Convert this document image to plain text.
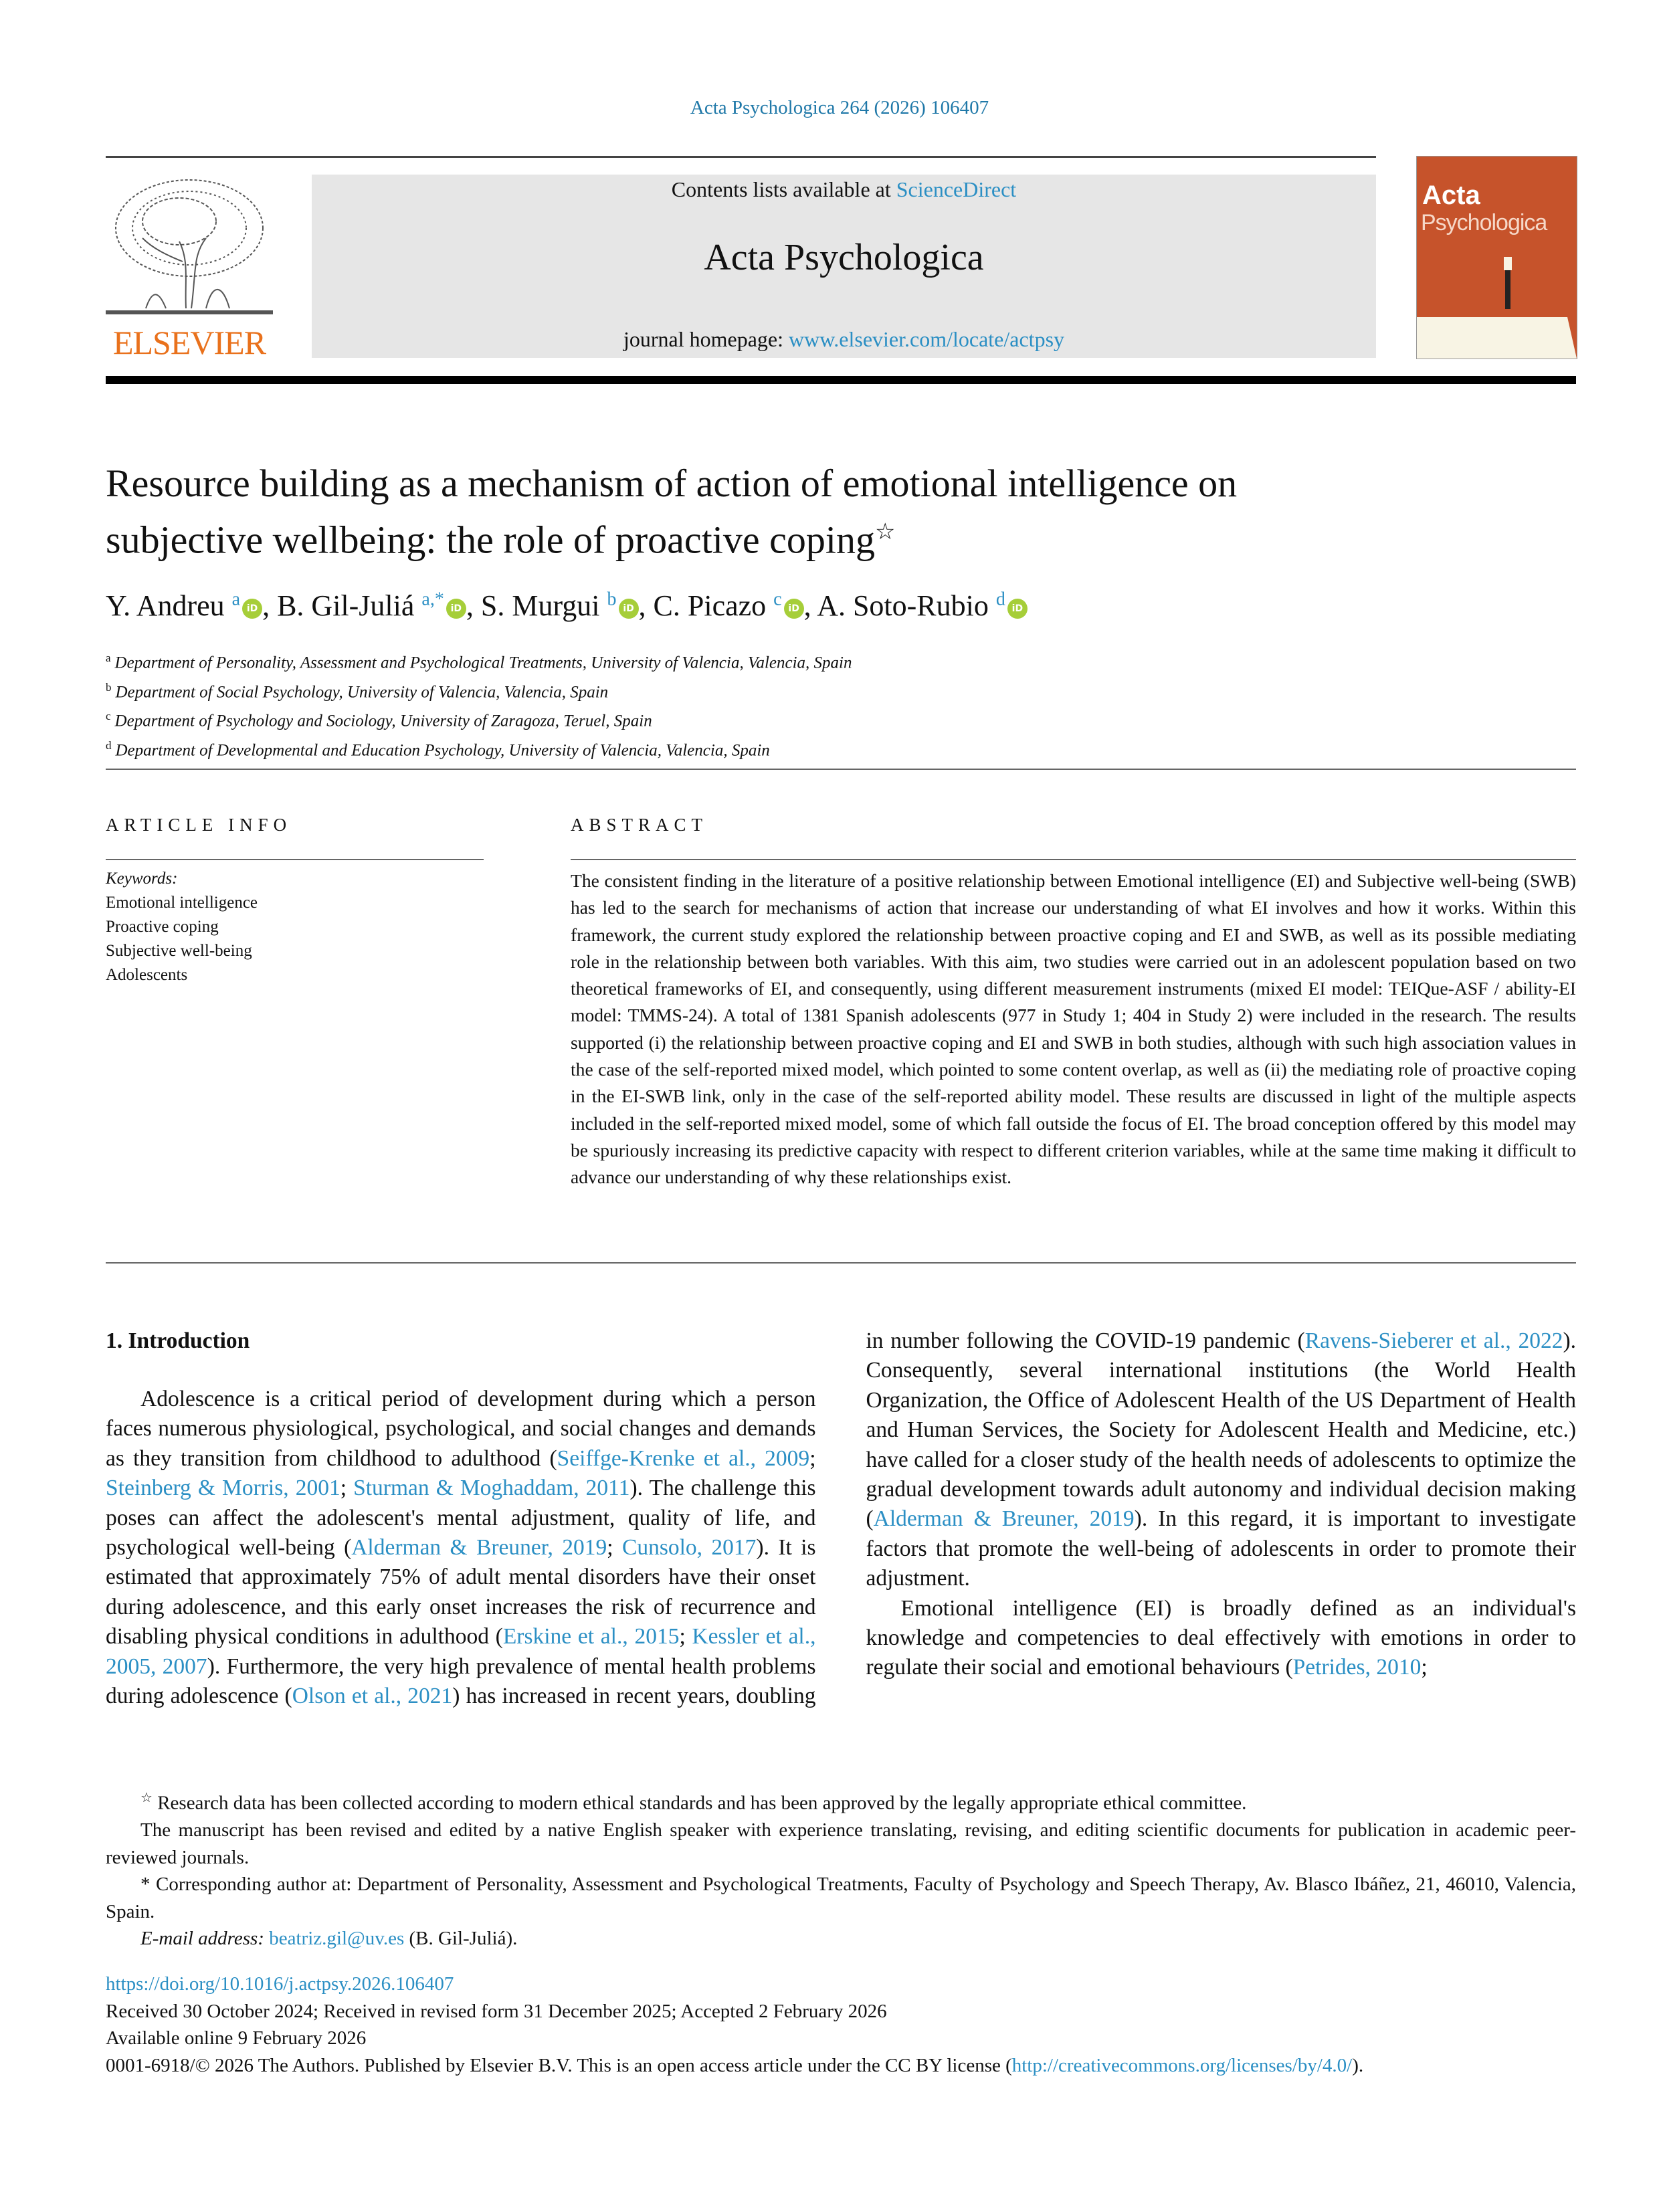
Acta Psychologica 264 (2026) 106407
ELSEVIER
Contents lists available at ScienceDirect
Acta Psychologica
journal homepage: www.elsevier.com/locate/actpsy
Acta
Psychologica
Resource building as a mechanism of action of emotional intelligence on
subjective wellbeing: the role of proactive coping☆
Y. Andreu $^a$ iD , B. Gil-Juliá $^{a,*}$ iD , S. Murgui $^b$ iD , C. Picazo $^c$ iD , A. Soto-Rubio $^d$ iD
$^a$ Department of Personality, Assessment and Psychological Treatments, University of Valencia, Valencia, Spain
$^b$ Department of Social Psychology, University of Valencia, Valencia, Spain
$^c$ Department of Psychology and Sociology, University of Zaragoza, Teruel, Spain
$^d$ Department of Developmental and Education Psychology, University of Valencia, Valencia, Spain
ARTICLE INFO
Keywords:
Emotional intelligence
Proactive coping
Subjective well-being
Adolescents
ABSTRACT
The consistent finding in the literature of a positive relationship between Emotional intelligence (EI) and Subjective well-being (SWB) has led to the search for mechanisms of action that increase our understanding of what EI involves and how it works. Within this framework, the current study explored the relationship between proactive coping and EI and SWB, as well as its possible mediating role in the relationship between both variables. With this aim, two studies were carried out in an adolescent population based on two theoretical frameworks of EI, and consequently, using different measurement instruments (mixed EI model: TEIQue-ASF / ability-EI model: TMMS-24). A total of 1381 Spanish adolescents (977 in Study 1; 404 in Study 2) were included in the research. The results supported (i) the relationship between proactive coping and EI and SWB in both studies, although with such high association values in the case of the self-reported mixed model, which pointed to some content overlap, as well as (ii) the mediating role of proactive coping in the EI-SWB link, only in the case of the self-reported ability model. These results are discussed in light of the multiple aspects included in the self-reported mixed model, some of which fall outside the focus of EI. The broad conception offered by this model may be spuriously increasing its predictive capacity with respect to different criterion variables, while at the same time making it difficult to advance our understanding of why these relationships exist.
1. Introduction

Adolescence is a critical period of development during which a person faces numerous physiological, psychological, and social changes and demands as they transition from childhood to adulthood (Seiffge-Krenke et al., 2009; Steinberg & Morris, 2001; Sturman & Moghaddam, 2011). The challenge this poses can affect the adolescent's mental adjustment, quality of life, and psychological well-being (Alderman & Breuner, 2019; Cunsolo, 2017). It is estimated that approximately 75% of adult mental disorders have their onset during adolescence, and this early onset increases the risk of recurrence and disabling physical conditions in adulthood (Erskine et al., 2015; Kessler et al., 2005, 2007). Furthermore, the very high prevalence of mental health problems during adolescence (Olson et al., 2021) has increased in recent years, doubling in number following the COVID-19 pandemic (Ravens-Sieberer et al., 2022). Consequently, several international institutions (the World Health Organization, the Office of Adolescent Health of the US Department of Health and Human Services, the Society for Adolescent Health and Medicine, etc.) have called for a closer study of the health needs of adolescents to optimize the gradual development towards adult autonomy and individual decision making (Alderman & Breuner, 2019). In this regard, it is important to investigate factors that promote the well-being of adolescents in order to promote their adjustment.

Emotional intelligence (EI) is broadly defined as an individual's knowledge and competencies to deal effectively with emotions in order to regulate their social and emotional behaviours (Petrides, 2010;

☆ Research data has been collected according to modern ethical standards and has been approved by the legally appropriate ethical committee.

The manuscript has been revised and edited by a native English speaker with experience translating, revising, and editing scientific documents for publication in academic peer-reviewed journals.

* Corresponding author at: Department of Personality, Assessment and Psychological Treatments, Faculty of Psychology and Speech Therapy, Av. Blasco Ibáñez, 21, 46010, Valencia, Spain.

E-mail address: beatriz.gil@uv.es (B. Gil-Juliá).

https://doi.org/10.1016/j.actpsy.2026.106407
Received 30 October 2024; Received in revised form 31 December 2025; Accepted 2 February 2026
Available online 9 February 2026
0001-6918/© 2026 The Authors. Published by Elsevier B.V. This is an open access article under the CC BY license (http://creativecommons.org/licenses/by/4.0/).
